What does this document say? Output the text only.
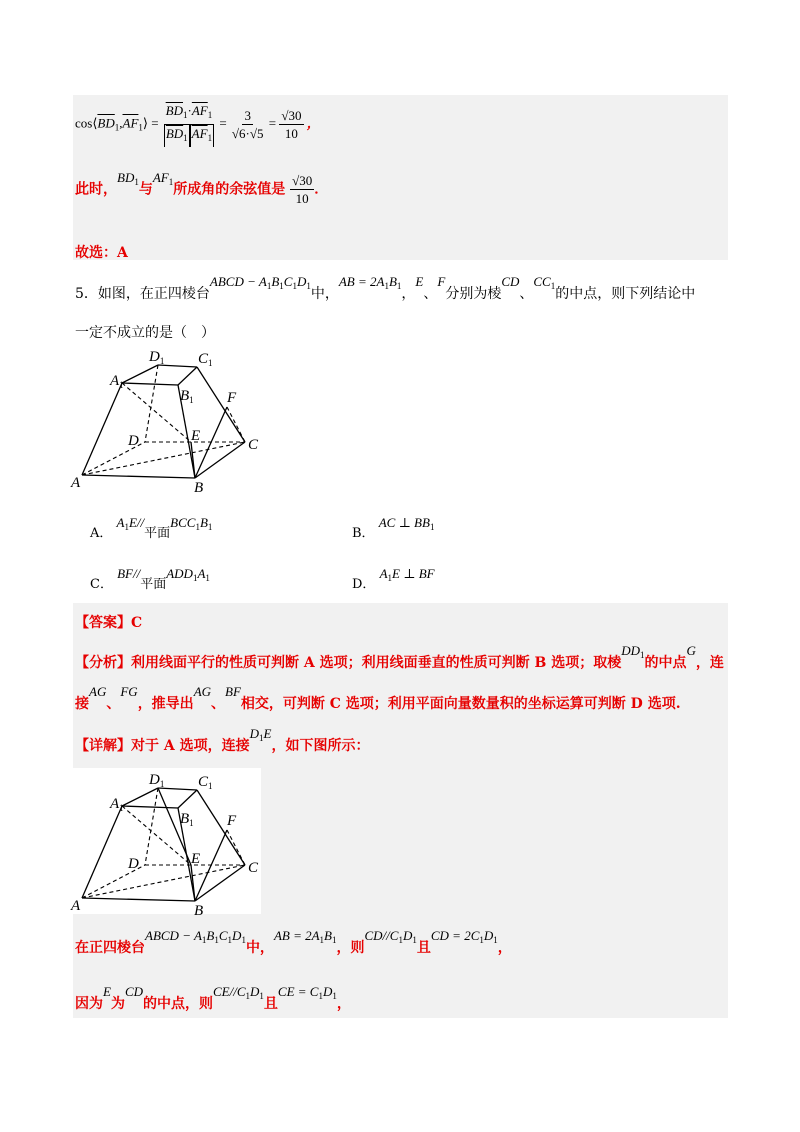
$\cos⟨\overline{BD}_1,\overline{AF}_1⟩ = \frac{\overline{BD}_1\cdot\overline{AF}_1}{\overline{BD}_1 \overline{AF}_1} = \frac{3}{√6\cdot√5} = \frac{√30}{10}$ ，
此时，$BD_1$与$AF_1$所成角的余弦值是 $\frac{√30}{10}$ ．
故选：A
5．如图，在正四棱台ABCD − $A_1B_1C_1D_1$中，AB = $2A_1B_1$，E、F分别为棱CD、$CC_1$的中点，则下列结论中
一定不成立的是（　）
$D_1$ $C_1$
$A_1$
$B_1$ F
D	E
C
A	B
A． $A_1E//$平面$BCC_1B_1$	B． AC ⊥ $BB_1$
C． BF//平面$ADD_1A_1$	D． $A_1E$ ⊥ BF
【答案】C
【分析】利用线面平行的性质可判断 A 选项；利用线面垂直的性质可判断 B 选项；取棱$DD_1$的中点G，连
接AG、FG，推导出AG、BF相交，可判断 C 选项；利用平面向量数量积的坐标运算可判断 D 选项.
【详解】对于 A 选项，连接$D_1E$，如下图所示：
$D_1$ $C_1$
$A_1$
$B_1$ F
D	E
C
A	B
在正四棱台ABCD − $A_1B_1C_1D_1$中，AB = $2A_1B_1$，则$CD//C_1D_1$且CD = $2C_1D_1$，
因为E为CD的中点，则$CE//C_1D_1$且CE = $C_1D_1$，
